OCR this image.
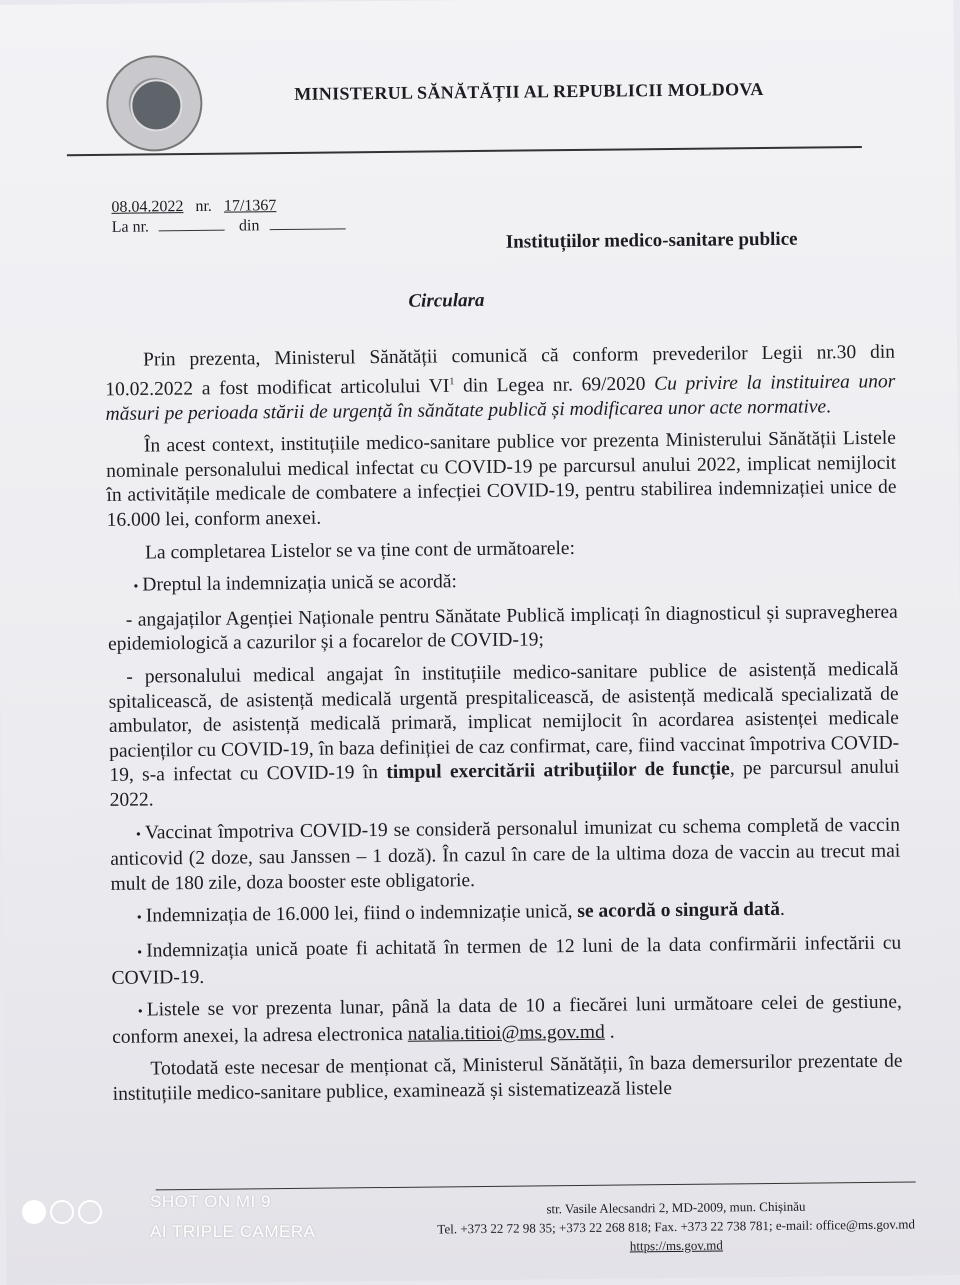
MINISTERUL SĂNĂTĂȚII AL REPUBLICII MOLDOVA
08.04.2022 nr. 17/1367
La nr.	din
Instituțiilor medico-sanitare publice
Circulara

Prin prezenta, Ministerul Sănătății comunică că conform prevederilor Legii nr.30 din 10.02.2022 a fost modificat articolului $VI^1$ din Legea nr. 69/2020 Cu privire la instituirea unor măsuri pe perioada stării de urgență în sănătate publică și modificarea unor acte normative.

În acest context, instituțiile medico-sanitare publice vor prezenta Ministerului Sănătății Listele nominale personalului medical infectat cu COVID-19 pe parcursul anului 2022, implicat nemijlocit în activitățile medicale de combatere a infecției COVID-19, pentru stabilirea indemnizației unice de 16.000 lei, conform anexei.

La completarea Listelor se va ține cont de următoarele:

• Dreptul la indemnizația unică se acordă:

- angajaților Agenției Naționale pentru Sănătate Publică implicați în diagnosticul și supravegherea epidemiologică a cazurilor și a focarelor de COVID-19;

- personalului medical angajat în instituțiile medico-sanitare publice de asistență medicală spitalicească, de asistență medicală urgentă prespitalicească, de asistență medicală specializată de ambulator, de asistență medicală primară, implicat nemijlocit în acordarea asistenței medicale pacienților cu COVID-19, în baza definiției de caz confirmat, care, fiind vaccinat împotriva COVID-19, s-a infectat cu COVID-19 în timpul exercitării atribuțiilor de funcție, pe parcursul anului 2022.

• Vaccinat împotriva COVID-19 se consideră personalul imunizat cu schema completă de vaccin anticovid (2 doze, sau Janssen – 1 doză). În cazul în care de la ultima doza de vaccin au trecut mai mult de 180 zile, doza booster este obligatorie.

• Indemnizația de 16.000 lei, fiind o indemnizație unică, se acordă o singură dată.

• Indemnizația unică poate fi achitată în termen de 12 luni de la data confirmării infectării cu COVID-19.

• Listele se vor prezenta lunar, până la data de 10 a fiecărei luni următoare celei de gestiune, conform anexei, la adresa electronica natalia.titioi@ms.gov.md .

Totodată este necesar de menționat că, Ministerul Sănătății, în baza demersurilor prezentate de instituțiile medico-sanitare publice, examinează și sistematizează listele

str. Vasile Alecsandri 2, MD-2009, mun. Chișinău
Tel. +373 22 72 98 35; +373 22 268 818; Fax. +373 22 738 781; e-mail: office@ms.gov.md
https://ms.gov.md
SHOT ON MI 9
AI TRIPLE CAMERA
